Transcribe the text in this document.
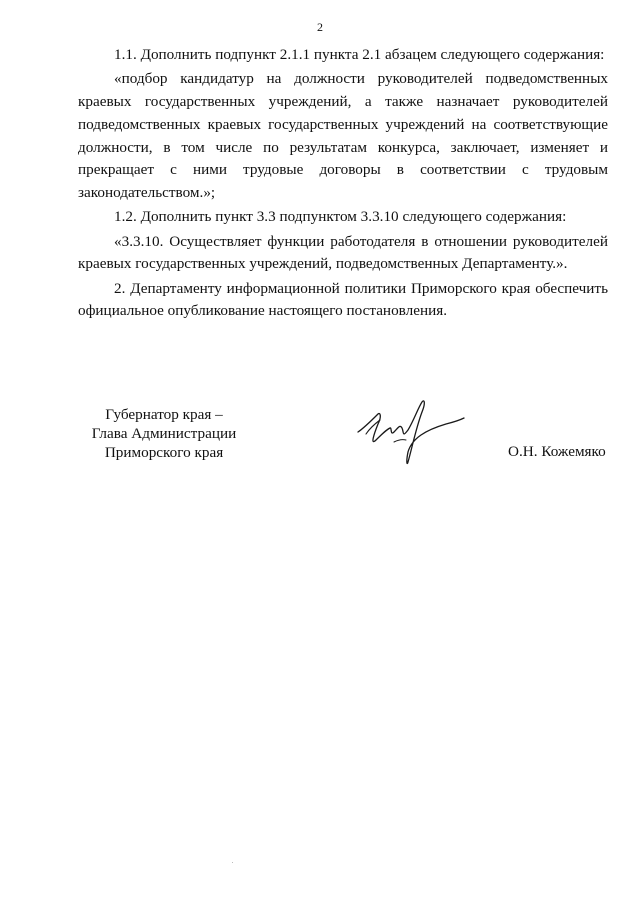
2

1.1. Дополнить подпункт 2.1.1 пункта 2.1 абзацем следующего содержания:

«подбор кандидатур на должности руководителей подведомственных краевых государственных учреждений, а также назначает руководителей подведомственных краевых государственных учреждений на соответствующие должности, в том числе по результатам конкурса, заключает, изменяет и прекращает с ними трудовые договоры в соответствии с трудовым законодательством.»;

1.2. Дополнить пункт 3.3 подпунктом 3.3.10 следующего содержания:

«3.3.10. Осуществляет функции работодателя в отношении руководителей краевых государственных учреждений, подведомственных Департаменту.».

2. Департаменту информационной политики Приморского края обеспечить официальное опубликование настоящего постановления.

Губернатор края –
Глава Администрации
Приморского края	О.Н. Кожемяко
